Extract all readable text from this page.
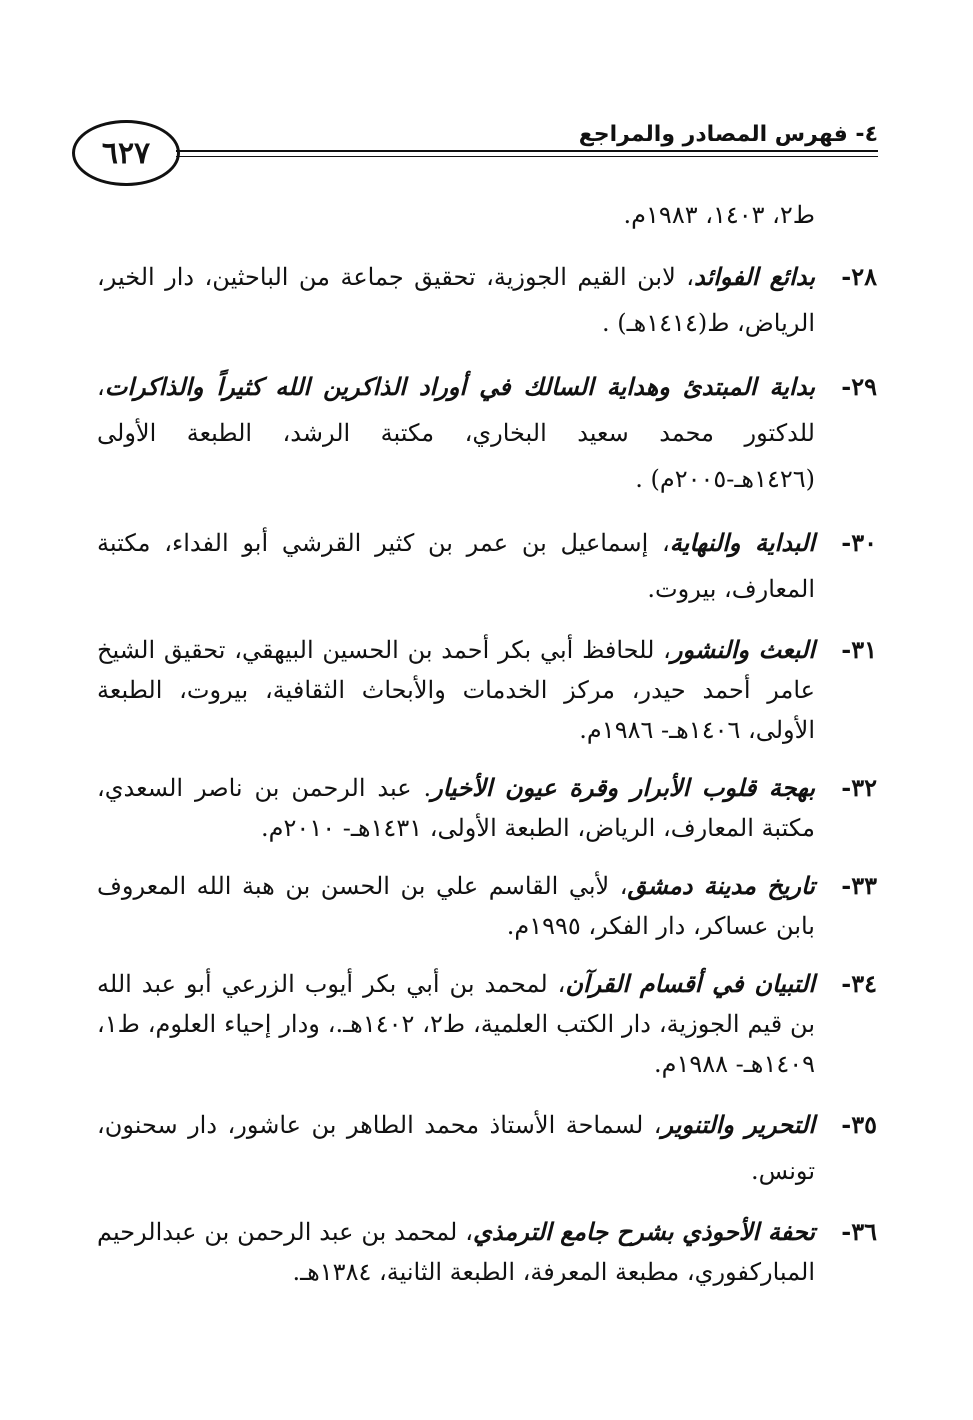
٦٢٧
٤- فهرس المصادر والمراجع

ط٢، ١٤٠٣، ١٩٨٣م.

٢٨-
بدائع الفوائد، لابن القيم الجوزية، تحقيق جماعة من الباحثين، دار الخير، الرياض، ط(١٤١٤هـ) .
٢٩-
بداية المبتدئ وهداية السالك في أوراد الذاكرين الله كثيراً والذاكرات، للدكتور محمد سعيد البخاري، مكتبة الرشد، الطبعة الأولى (١٤٢٦هـ-٢٠٠٥م) .
٣٠-
البداية والنهاية، إسماعيل بن عمر بن كثير القرشي أبو الفداء، مكتبة المعارف، بيروت.
٣١-
البعث والنشور، للحافظ أبي بكر أحمد بن الحسين البيهقي، تحقيق الشيخ عامر أحمد حيدر، مركز الخدمات والأبحاث الثقافية، بيروت، الطبعة الأولى، ١٤٠٦هـ- ١٩٨٦م.
٣٢-
بهجة قلوب الأبرار وقرة عيون الأخيار. عبد الرحمن بن ناصر السعدي، مكتبة المعارف، الرياض، الطبعة الأولى، ١٤٣١هـ- ٢٠١٠م.
٣٣-
تاريخ مدينة دمشق، لأبي القاسم علي بن الحسن بن هبة الله المعروف بابن عساكر، دار الفكر، ١٩٩٥م.
٣٤-
التبيان في أقسام القرآن، لمحمد بن أبي بكر أيوب الزرعي أبو عبد الله بن قيم الجوزية، دار الكتب العلمية، ط٢، ١٤٠٢هـ.، ودار إحياء العلوم، ط١، ١٤٠٩هـ- ١٩٨٨م.
٣٥-
التحرير والتنوير، لسماحة الأستاذ محمد الطاهر بن عاشور، دار سحنون، تونس.
٣٦-
تحفة الأحوذي بشرح جامع الترمذي، لمحمد بن عبد الرحمن بن عبدالرحيم المباركفوري، مطبعة المعرفة، الطبعة الثانية، ١٣٨٤هـ.
